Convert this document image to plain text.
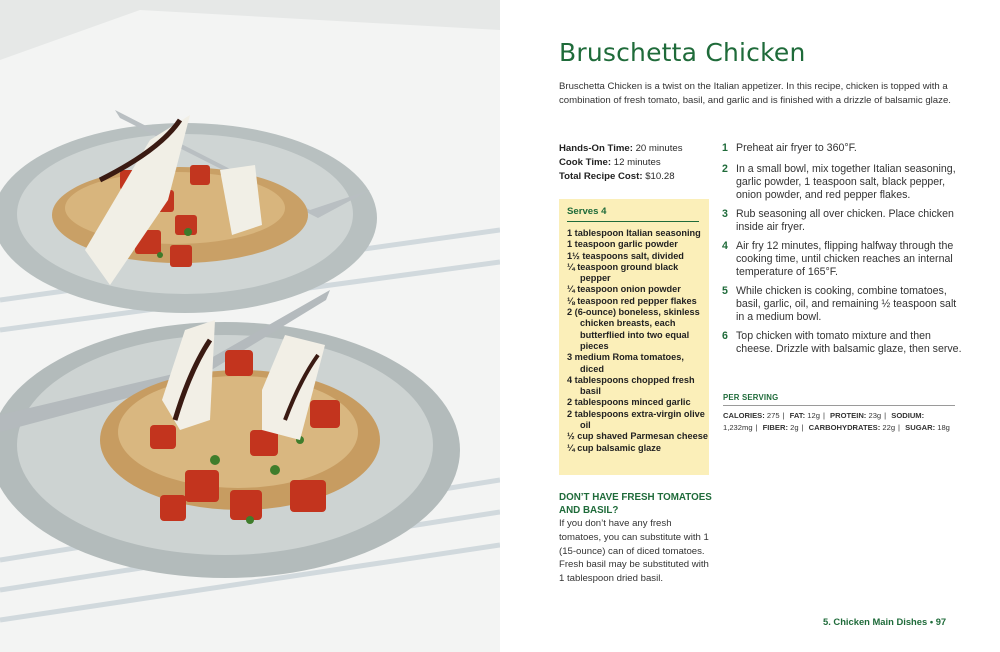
Bruschetta Chicken

Bruschetta Chicken is a twist on the Italian appetizer. In this recipe, chicken is topped with a combination of fresh tomato, basil, and garlic and is finished with a drizzle of balsamic glaze.

Hands-On Time: 20 minutes
Cook Time: 12 minutes
Total Recipe Cost: $10.28
Serves 4
1 tablespoon Italian seasoning
1 teaspoon garlic powder
1½ teaspoons salt, divided
¼ teaspoon ground black pepper
¼ teaspoon onion powder
⅛ teaspoon red pepper flakes
2 (6-ounce) boneless, skinless chicken breasts, each butterflied into two equal pieces
3 medium Roma tomatoes, diced
4 tablespoons chopped fresh basil
2 tablespoons minced garlic
2 tablespoons extra-virgin olive oil
½ cup shaved Parmesan cheese
¼ cup balsamic glaze
DON’T HAVE FRESH TOMATOES AND BASIL?

If you don’t have any fresh tomatoes, you can substitute with 1 (15-ounce) can of diced tomatoes. Fresh basil may be substituted with 1 tablespoon dried basil.

1 Preheat air fryer to 360°F.
2 In a small bowl, mix together Italian seasoning, garlic powder, 1 teaspoon salt, black pepper, onion powder, and red pepper flakes.
3 Rub seasoning all over chicken. Place chicken inside air fryer.
4 Air fry 12 minutes, flipping halfway through the cooking time, until chicken reaches an internal temperature of 165°F.
5 While chicken is cooking, combine tomatoes, basil, garlic, oil, and remaining ½ teaspoon salt in a medium bowl.
6 Top chicken with tomato mixture and then cheese. Drizzle with balsamic glaze, then serve.
PER SERVING
CALORIES: 275 | FAT: 12g | PROTEIN: 23g | SODIUM: 1,232mg | FIBER: 2g | CARBOHYDRATES: 22g | SUGAR: 18g
5. Chicken Main Dishes • 97
